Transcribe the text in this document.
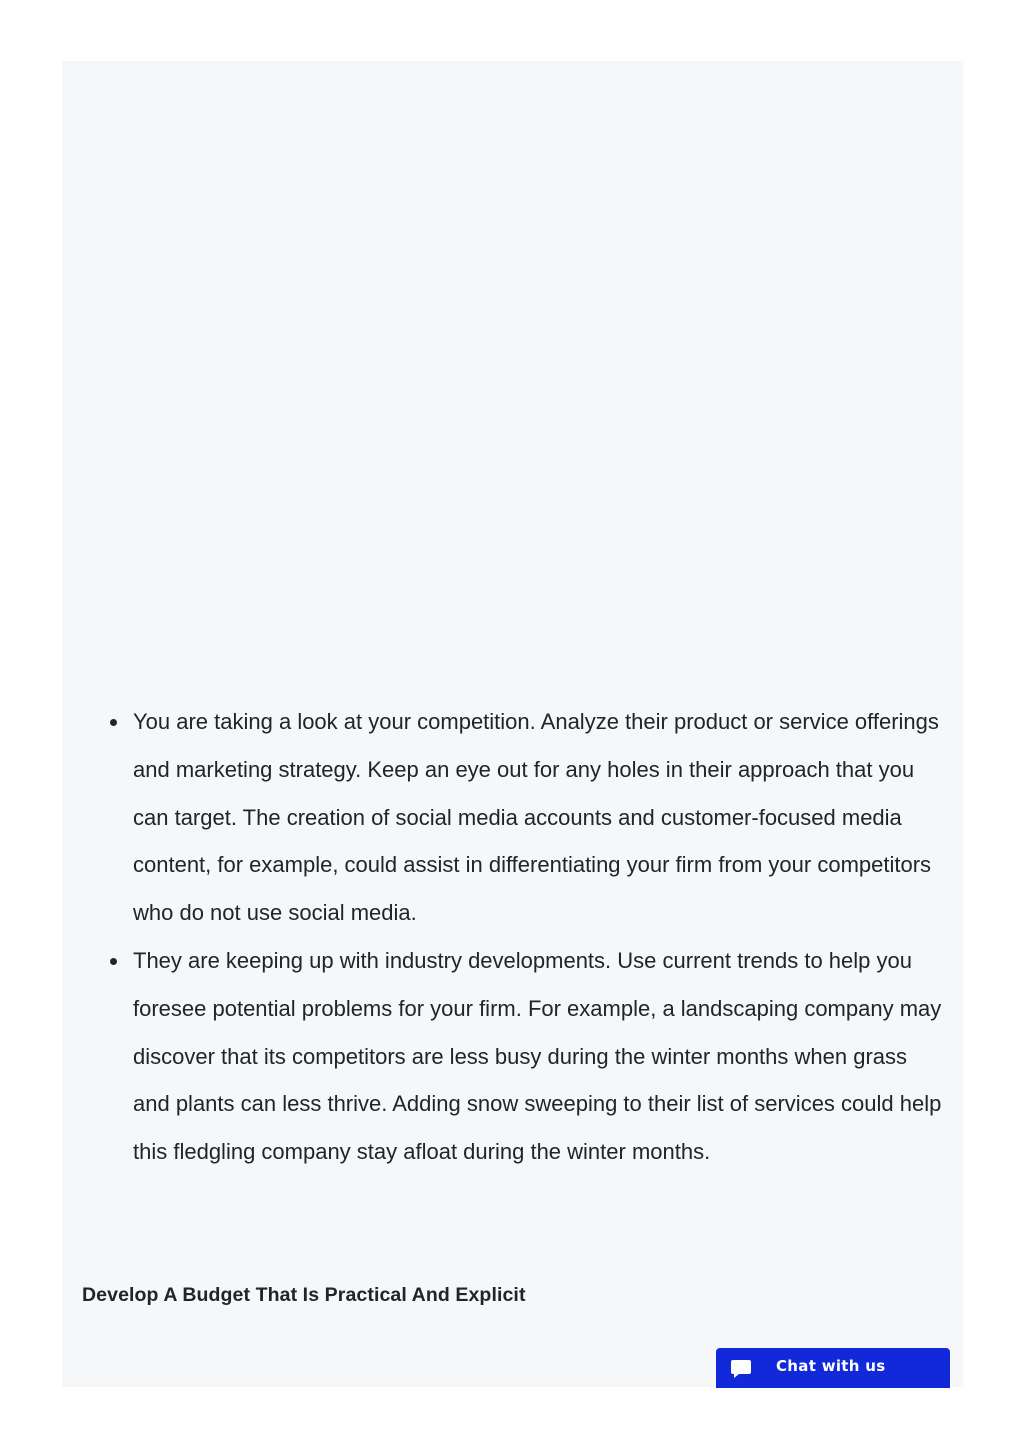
You are taking a look at your competition. Analyze their product or service offerings and marketing strategy. Keep an eye out for any holes in their approach that you can target. The creation of social media accounts and customer-focused media content, for example, could assist in differentiating your firm from your competitors who do not use social media.
They are keeping up with industry developments. Use current trends to help you foresee potential problems for your firm. For example, a landscaping company may discover that its competitors are less busy during the winter months when grass and plants can less thrive. Adding snow sweeping to their list of services could help this fledgling company stay afloat during the winter months.
Develop A Budget That Is Practical And Explicit
Chat with us
